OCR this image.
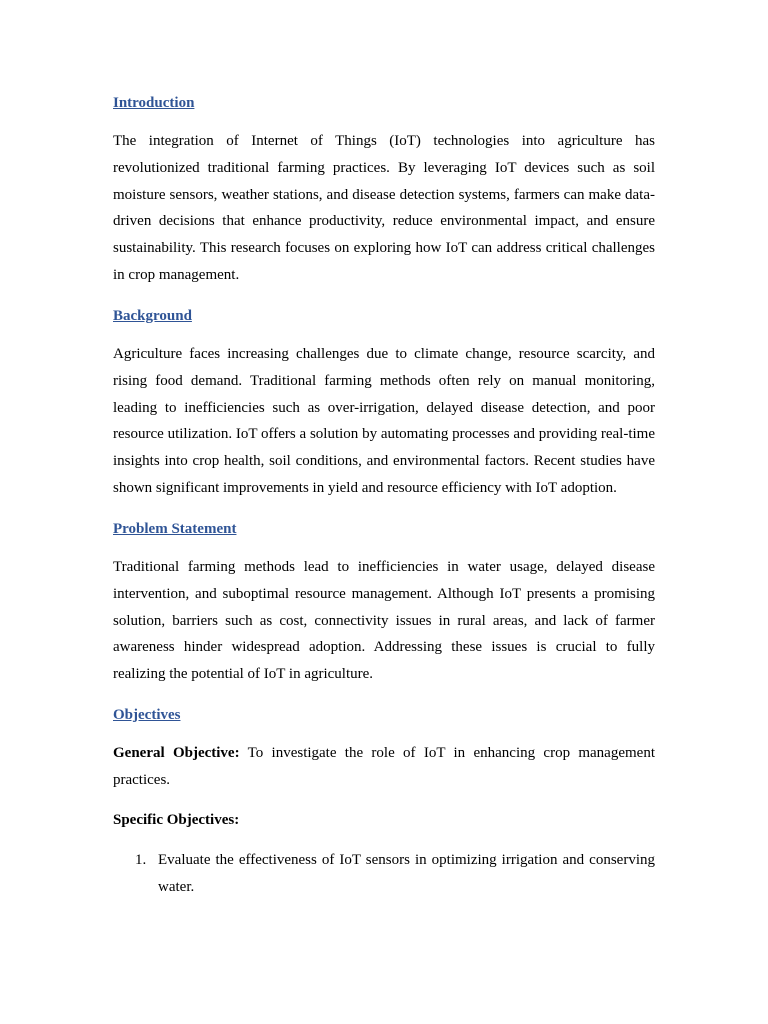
Introduction

The integration of Internet of Things (IoT) technologies into agriculture has revolutionized traditional farming practices. By leveraging IoT devices such as soil moisture sensors, weather stations, and disease detection systems, farmers can make data-driven decisions that enhance productivity, reduce environmental impact, and ensure sustainability. This research focuses on exploring how IoT can address critical challenges in crop management.

Background

Agriculture faces increasing challenges due to climate change, resource scarcity, and rising food demand. Traditional farming methods often rely on manual monitoring, leading to inefficiencies such as over-irrigation, delayed disease detection, and poor resource utilization. IoT offers a solution by automating processes and providing real-time insights into crop health, soil conditions, and environmental factors. Recent studies have shown significant improvements in yield and resource efficiency with IoT adoption.

Problem Statement

Traditional farming methods lead to inefficiencies in water usage, delayed disease intervention, and suboptimal resource management. Although IoT presents a promising solution, barriers such as cost, connectivity issues in rural areas, and lack of farmer awareness hinder widespread adoption. Addressing these issues is crucial to fully realizing the potential of IoT in agriculture.

Objectives

General Objective: To investigate the role of IoT in enhancing crop management practices.

Specific Objectives:

1. Evaluate the effectiveness of IoT sensors in optimizing irrigation and conserving water.
